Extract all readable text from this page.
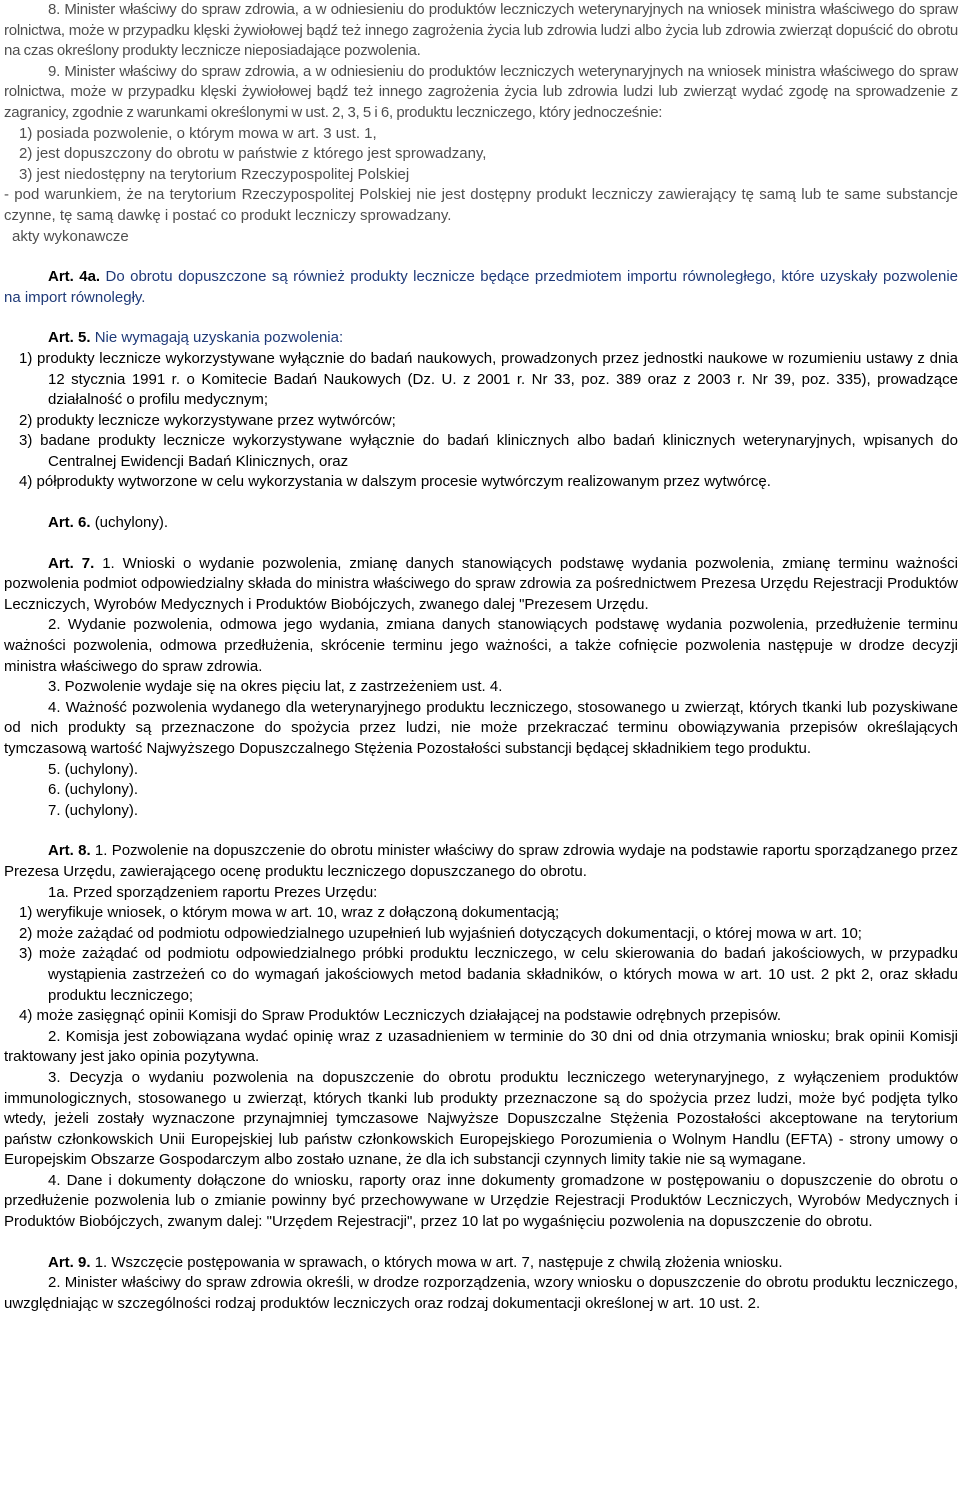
8. Minister właściwy do spraw zdrowia, a w odniesieniu do produktów leczniczych weterynaryjnych na wniosek ministra właściwego do spraw rolnictwa, może w przypadku klęski żywiołowej bądź też innego zagrożenia życia lub zdrowia ludzi albo życia lub zdrowia zwierząt dopuścić do obrotu na czas określony produkty lecznicze nieposiadające pozwolenia.

9. Minister właściwy do spraw zdrowia, a w odniesieniu do produktów leczniczych weterynaryjnych na wniosek ministra właściwego do spraw rolnictwa, może w przypadku klęski żywiołowej bądź też innego zagrożenia życia lub zdrowia ludzi lub zwierząt wydać zgodę na sprowadzenie z zagranicy, zgodnie z warunkami określonymi w ust. 2, 3, 5 i 6, produktu leczniczego, który jednocześnie:

1) posiada pozwolenie, o którym mowa w art. 3 ust. 1,

2) jest dopuszczony do obrotu w państwie z którego jest sprowadzany,

3) jest niedostępny na terytorium Rzeczypospolitej Polskiej

- pod warunkiem, że na terytorium Rzeczypospolitej Polskiej nie jest dostępny produkt leczniczy zawierający tę samą lub te same substancje czynne, tę samą dawkę i postać co produkt leczniczy sprowadzany.

akty wykonawcze

Art. 4a. Do obrotu dopuszczone są również produkty lecznicze będące przedmiotem importu równoległego, które uzyskały pozwolenie na import równoległy.

Art. 5. Nie wymagają uzyskania pozwolenia:

1) produkty lecznicze wykorzystywane wyłącznie do badań naukowych, prowadzonych przez jednostki naukowe w rozumieniu ustawy z dnia 12 stycznia 1991 r. o Komitecie Badań Naukowych (Dz. U. z 2001 r. Nr 33, poz. 389 oraz z 2003 r. Nr 39, poz. 335), prowadzące działalność o profilu medycznym;

2) produkty lecznicze wykorzystywane przez wytwórców;

3) badane produkty lecznicze wykorzystywane wyłącznie do badań klinicznych albo badań klinicznych weterynaryjnych, wpisanych do Centralnej Ewidencji Badań Klinicznych, oraz

4) półprodukty wytworzone w celu wykorzystania w dalszym procesie wytwórczym realizowanym przez wytwórcę.

Art. 6. (uchylony).

Art. 7. 1. Wnioski o wydanie pozwolenia, zmianę danych stanowiących podstawę wydania pozwolenia, zmianę terminu ważności pozwolenia podmiot odpowiedzialny składa do ministra właściwego do spraw zdrowia za pośrednictwem Prezesa Urzędu Rejestracji Produktów Leczniczych, Wyrobów Medycznych i Produktów Biobójczych, zwanego dalej "Prezesem Urzędu.

2. Wydanie pozwolenia, odmowa jego wydania, zmiana danych stanowiących podstawę wydania pozwolenia, przedłużenie terminu ważności pozwolenia, odmowa przedłużenia, skrócenie terminu jego ważności, a także cofnięcie pozwolenia następuje w drodze decyzji ministra właściwego do spraw zdrowia.

3. Pozwolenie wydaje się na okres pięciu lat, z zastrzeżeniem ust. 4.

4. Ważność pozwolenia wydanego dla weterynaryjnego produktu leczniczego, stosowanego u zwierząt, których tkanki lub pozyskiwane od nich produkty są przeznaczone do spożycia przez ludzi, nie może przekraczać terminu obowiązywania przepisów określających tymczasową wartość Najwyższego Dopuszczalnego Stężenia Pozostałości substancji będącej składnikiem tego produktu.

5. (uchylony).

6. (uchylony).

7. (uchylony).

Art. 8. 1. Pozwolenie na dopuszczenie do obrotu minister właściwy do spraw zdrowia wydaje na podstawie raportu sporządzanego przez Prezesa Urzędu, zawierającego ocenę produktu leczniczego dopuszczanego do obrotu.

1a. Przed sporządzeniem raportu Prezes Urzędu:

1) weryfikuje wniosek, o którym mowa w art. 10, wraz z dołączoną dokumentacją;

2) może zażądać od podmiotu odpowiedzialnego uzupełnień lub wyjaśnień dotyczących dokumentacji, o której mowa w art. 10;

3) może zażądać od podmiotu odpowiedzialnego próbki produktu leczniczego, w celu skierowania do badań jakościowych, w przypadku wystąpienia zastrzeżeń co do wymagań jakościowych metod badania składników, o których mowa w art. 10 ust. 2 pkt 2, oraz składu produktu leczniczego;

4) może zasięgnąć opinii Komisji do Spraw Produktów Leczniczych działającej na podstawie odrębnych przepisów.

2. Komisja jest zobowiązana wydać opinię wraz z uzasadnieniem w terminie do 30 dni od dnia otrzymania wniosku; brak opinii Komisji traktowany jest jako opinia pozytywna.

3. Decyzja o wydaniu pozwolenia na dopuszczenie do obrotu produktu leczniczego weterynaryjnego, z wyłączeniem produktów immunologicznych, stosowanego u zwierząt, których tkanki lub produkty przeznaczone są do spożycia przez ludzi, może być podjęta tylko wtedy, jeżeli zostały wyznaczone przynajmniej tymczasowe Najwyższe Dopuszczalne Stężenia Pozostałości akceptowane na terytorium państw członkowskich Unii Europejskiej lub państw członkowskich Europejskiego Porozumienia o Wolnym Handlu (EFTA) - strony umowy o Europejskim Obszarze Gospodarczym albo zostało uznane, że dla ich substancji czynnych limity takie nie są wymagane.

4. Dane i dokumenty dołączone do wniosku, raporty oraz inne dokumenty gromadzone w postępowaniu o dopuszczenie do obrotu o przedłużenie pozwolenia lub o zmianie powinny być przechowywane w Urzędzie Rejestracji Produktów Leczniczych, Wyrobów Medycznych i Produktów Biobójczych, zwanym dalej: "Urzędem Rejestracji", przez 10 lat po wygaśnięciu pozwolenia na dopuszczenie do obrotu.

Art. 9. 1. Wszczęcie postępowania w sprawach, o których mowa w art. 7, następuje z chwilą złożenia wniosku.

2. Minister właściwy do spraw zdrowia określi, w drodze rozporządzenia, wzory wniosku o dopuszczenie do obrotu produktu leczniczego, uwzględniając w szczególności rodzaj produktów leczniczych oraz rodzaj dokumentacji określonej w art. 10 ust. 2.
